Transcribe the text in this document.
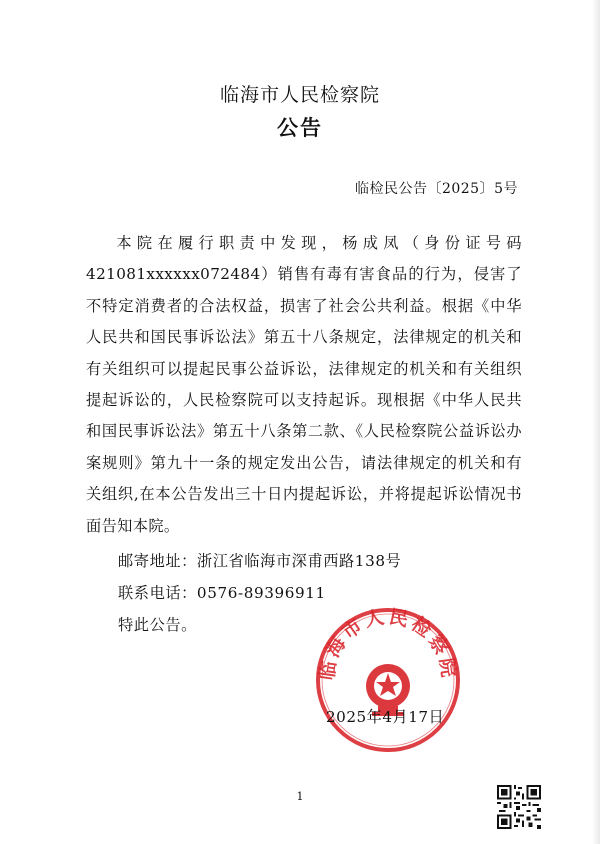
临海市人民检察院
公告
临检民公告〔2025〕5号

本院在履行职责中发现，杨成凤（身份证号码421081xxxxxx072484）销售有毒有害食品的行为，侵害了不特定消费者的合法权益，损害了社会公共利益。根据《中华人民共和国民事诉讼法》第五十八条规定，法律规定的机关和有关组织可以提起民事公益诉讼，法律规定的机关和有关组织提起诉讼的，人民检察院可以支持起诉。现根据《中华人民共和国民事诉讼法》第五十八条第二款、《人民检察院公益诉讼办案规则》第九十一条的规定发出公告，请法律规定的机关和有关组织,在本公告发出三十日内提起诉讼，并将提起诉讼情况书面告知本院。

邮寄地址：浙江省临海市深甫西路138号
联系电话：0576-89396911
特此公告。
临海市人民检察院
2025年4月17日
1
